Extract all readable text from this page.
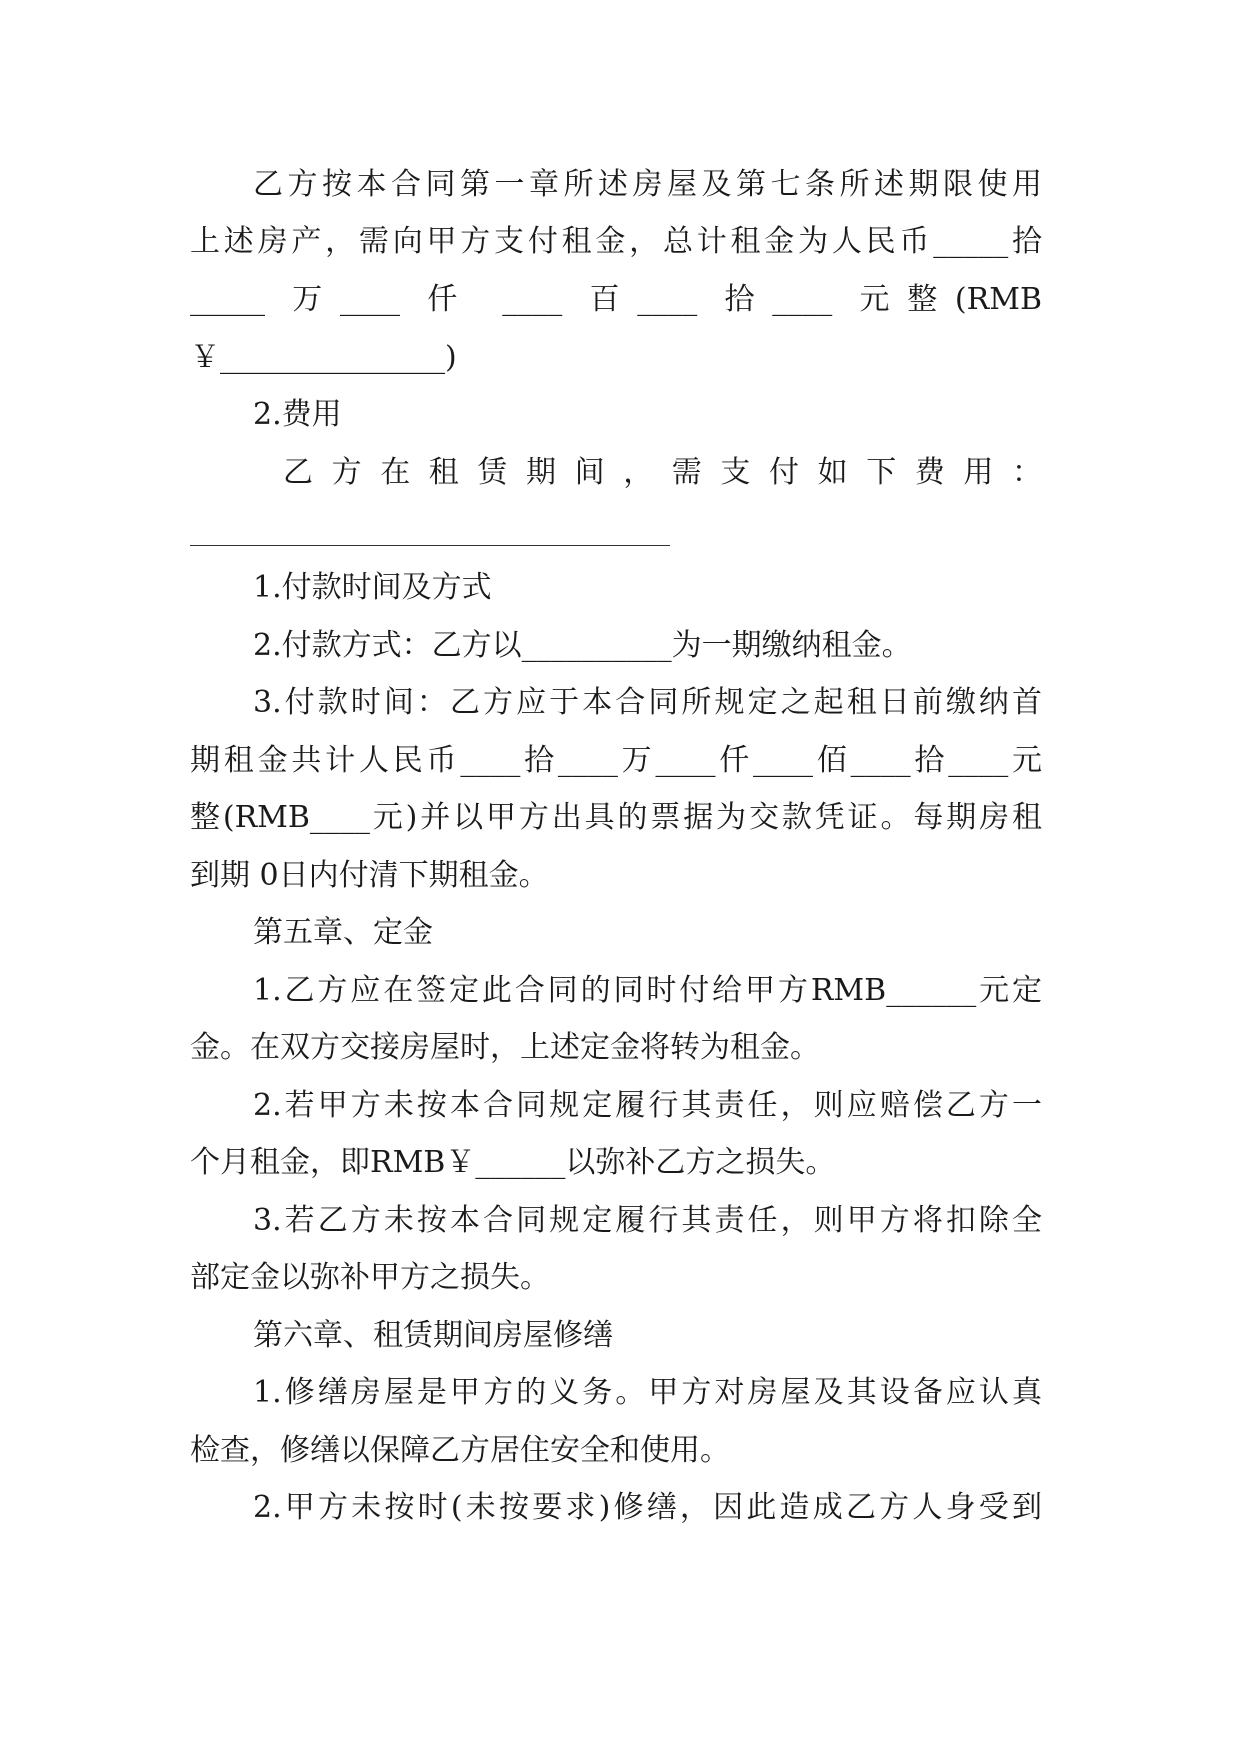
乙方按本合同第一章所述房屋及第七条所述期限使用
上述房产，需向甲方支付租金，总计租金为人民币_____拾
_____ 万____ 仟 ____ 百____ 拾____ 元整(RMB
￥_______________)
2.费用
乙方在租赁期间，需支付如下费用：
1.付款时间及方式
2.付款方式：乙方以__________为一期缴纳租金。
3.付款时间：乙方应于本合同所规定之起租日前缴纳首
期租金共计人民币____拾____万____仟____佰____拾____元
整(RMB____元)并以甲方出具的票据为交款凭证。每期房租
到期 0日内付清下期租金。
第五章、定金
1.乙方应在签定此合同的同时付给甲方RMB______元定
金。在双方交接房屋时，上述定金将转为租金。
2.若甲方未按本合同规定履行其责任，则应赔偿乙方一
个月租金，即RMB￥______以弥补乙方之损失。
3.若乙方未按本合同规定履行其责任，则甲方将扣除全
部定金以弥补甲方之损失。
第六章、租赁期间房屋修缮
1.修缮房屋是甲方的义务。甲方对房屋及其设备应认真
检查，修缮以保障乙方居住安全和使用。
2.甲方未按时(未按要求)修缮，因此造成乙方人身受到
